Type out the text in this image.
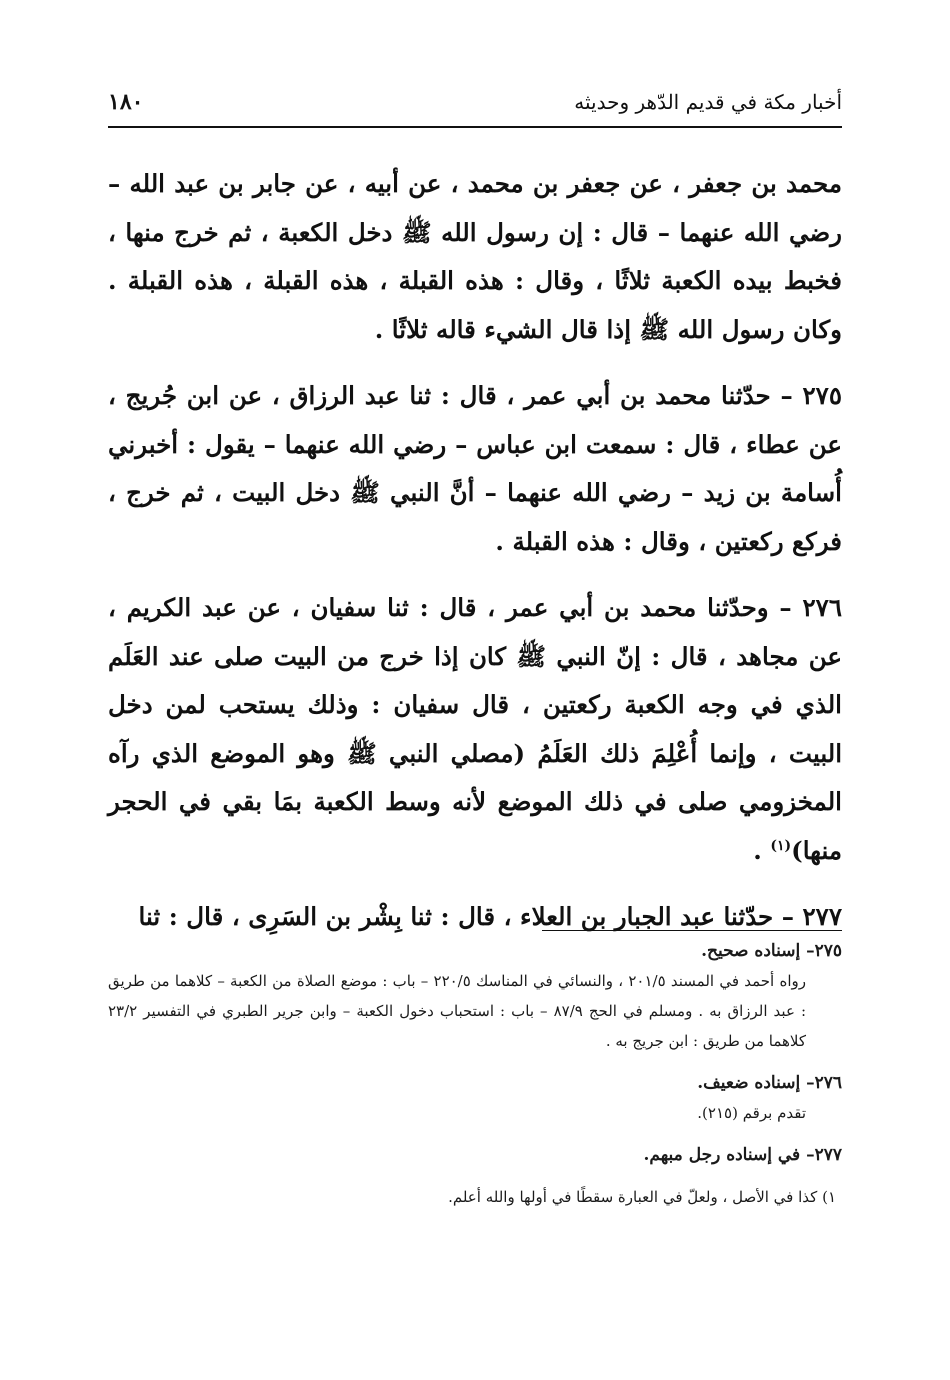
١٨٠	أخبار مكة في قديم الدّهر وحديثه

محمد بن جعفر ، عن جعفر بن محمد ، عن أبيه ، عن جابر بن عبد الله – رضي الله عنهما – قال : إن رسول الله ﷺ دخل الكعبة ، ثم خرج منها ، فخبط بيده الكعبة ثلاثًا ، وقال : هذه القبلة ، هذه القبلة ، هذه القبلة . وكان رسول الله ﷺ إذا قال الشيء قاله ثلاثًا .

٢٧٥ – حدّثنا محمد بن أبي عمر ، قال : ثنا عبد الرزاق ، عن ابن جُريج ، عن عطاء ، قال : سمعت ابن عباس – رضي الله عنهما – يقول : أخبرني أُسامة بن زيد – رضي الله عنهما – أنَّ النبي ﷺ دخل البيت ، ثم خرج ، فركع ركعتين ، وقال : هذه القبلة .

٢٧٦ – وحدّثنا محمد بن أبي عمر ، قال : ثنا سفيان ، عن عبد الكريم ، عن مجاهد ، قال : إنّ النبي ﷺ كان إذا خرج من البيت صلى عند العَلَم الذي في وجه الكعبة ركعتين ، قال سفيان : وذلك يستحب لمن دخل البيت ، وإنما أُعْلِمَ ذلك العَلَمُ (مصلي النبي ﷺ وهو الموضع الذي رآه المخزومي صلى في ذلك الموضع لأنه وسط الكعبة بمَا بقي في الحجر منها)$^{(١)}$ .

٢٧٧ – حدّثنا عبد الجبار بن العلاء ، قال : ثنا بِشْر بن السَرِى ، قال : ثنا

٢٧٥– إسناده صحيح.

رواه أحمد في المسند ٢٠١/٥ ، والنسائي في المناسك ٢٢٠/٥ – باب : موضع الصلاة من الكعبة – كلاهما من طريق : عبد الرزاق به . ومسلم في الحج ٨٧/٩ – باب : استحباب دخول الكعبة – وابن جرير الطبري في التفسير ٢٣/٢ كلاهما من طريق : ابن جريج به .

٢٧٦– إسناده ضعيف.

تقدم برقم (٢١٥).

٢٧٧– في إسناده رجل مبهم.

١) كذا في الأصل ، ولعلّ في العبارة سقطًا في أولها والله أعلم.
